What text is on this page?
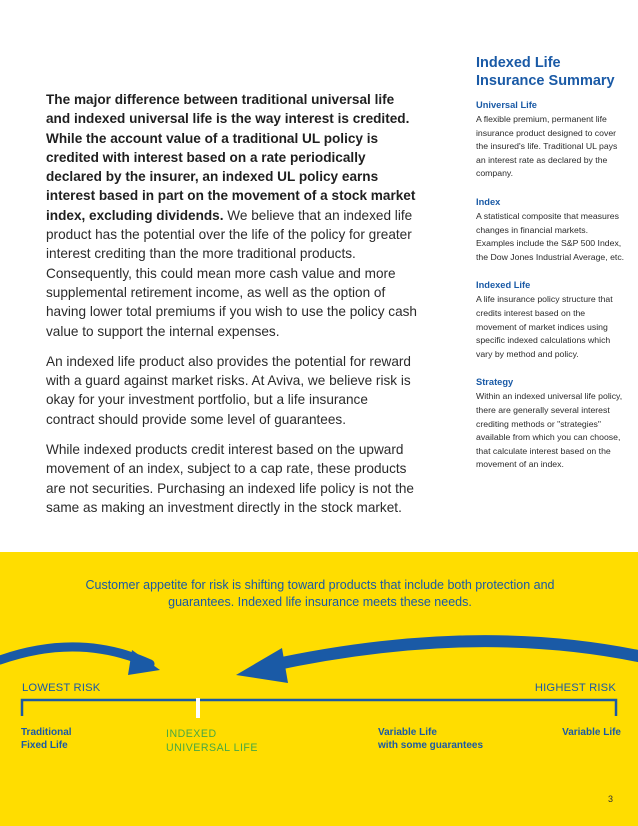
The major difference between traditional universal life and indexed universal life is the way interest is credited. While the account value of a traditional UL policy is credited with interest based on a rate periodically declared by the insurer, an indexed UL policy earns interest based in part on the movement of a stock market index, excluding dividends. We believe that an indexed life product has the potential over the life of the policy for greater interest crediting than the more traditional products. Consequently, this could mean more cash value and more supplemental retirement income, as well as the option of having lower total premiums if you wish to use the policy cash value to support the internal expenses.

An indexed life product also provides the potential for reward with a guard against market risks. At Aviva, we believe risk is okay for your investment portfolio, but a life insurance contract should provide some level of guarantees.

While indexed products credit interest based on the upward movement of an index, subject to a cap rate, these products are not securities. Purchasing an indexed life policy is not the same as making an investment directly in the stock market.

Indexed Life Insurance Summary
Universal Life
A flexible premium, permanent life insurance product designed to cover the insured's life. Traditional UL pays an interest rate as declared by the company.
Index
A statistical composite that measures changes in financial markets. Examples include the S&P 500 Index, the Dow Jones Industrial Average, etc.
Indexed Life
A life insurance policy structure that credits interest based on the movement of market indices using specific indexed calculations which vary by method and policy.
Strategy
Within an indexed universal life policy, there are generally several interest crediting methods or "strategies" available from which you can choose, that calculate interest based on the movement of an index.
Customer appetite for risk is shifting toward products that include both protection and guarantees. Indexed life insurance meets these needs.
LOWEST RISK	HIGHEST RISK
Traditional
Fixed Life
INDEXED
UNIVERSAL LIFE
Variable Life
with some guarantees
Variable Life
3
